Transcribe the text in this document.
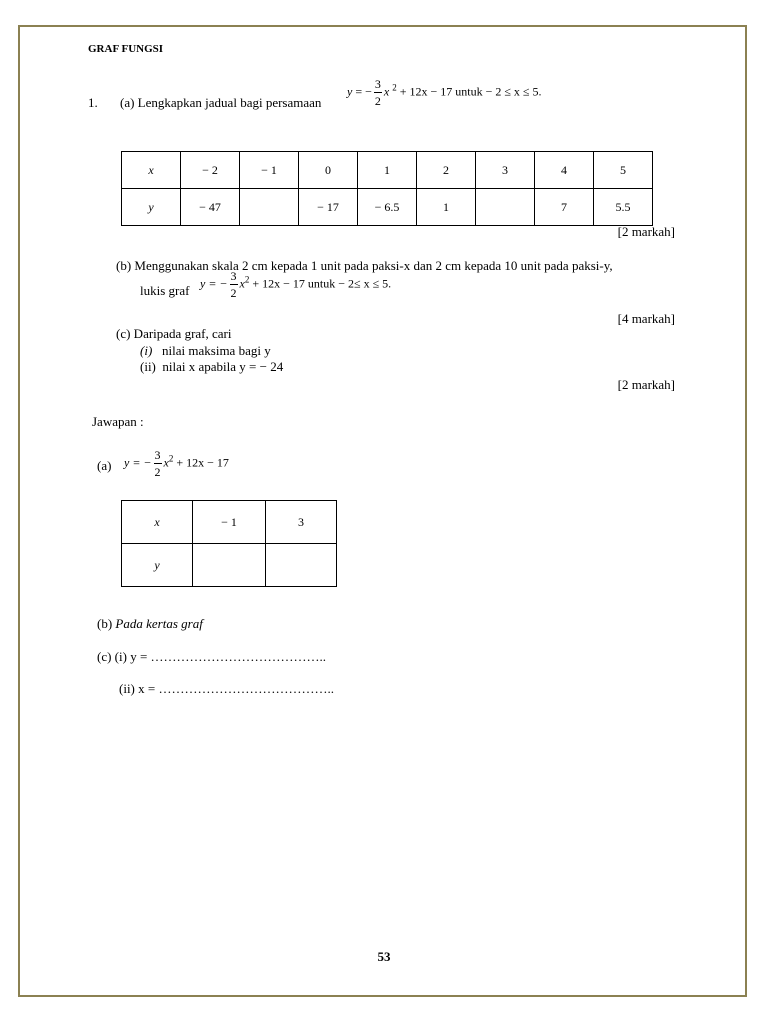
GRAF FUNGSI
1. (a) Lengkapkan jadual bagi persamaan
y = − $\frac{3}{2}$ x $^2$ + 12x − 17 untuk − 2 ≤ x ≤ 5.
x	− 2	− 1	0	1	2	3	4	5
y	− 47		− 17	− 6.5	1		7	5.5
[2 markah]
(b) Menggunakan skala 2 cm kepada 1 unit pada paksi-x dan 2 cm kepada 10 unit pada paksi-y,
lukis graf y = − $\frac{3}{2} x^2 + 12x - 17$ untuk − 2≤ x ≤ 5.
[4 markah]
(c) Daripada graf, cari
(i) nilai maksima bagi y
(ii) nilai x apabila y = − 24
[2 markah]
Jawapan :
(a) y = − $\frac{3}{2} x^2 + 12x - 17$
x	− 1	3
y		
(b) Pada kertas graf
(c) (i) y = …………………………………..
(ii) x = …………………………………..
53
